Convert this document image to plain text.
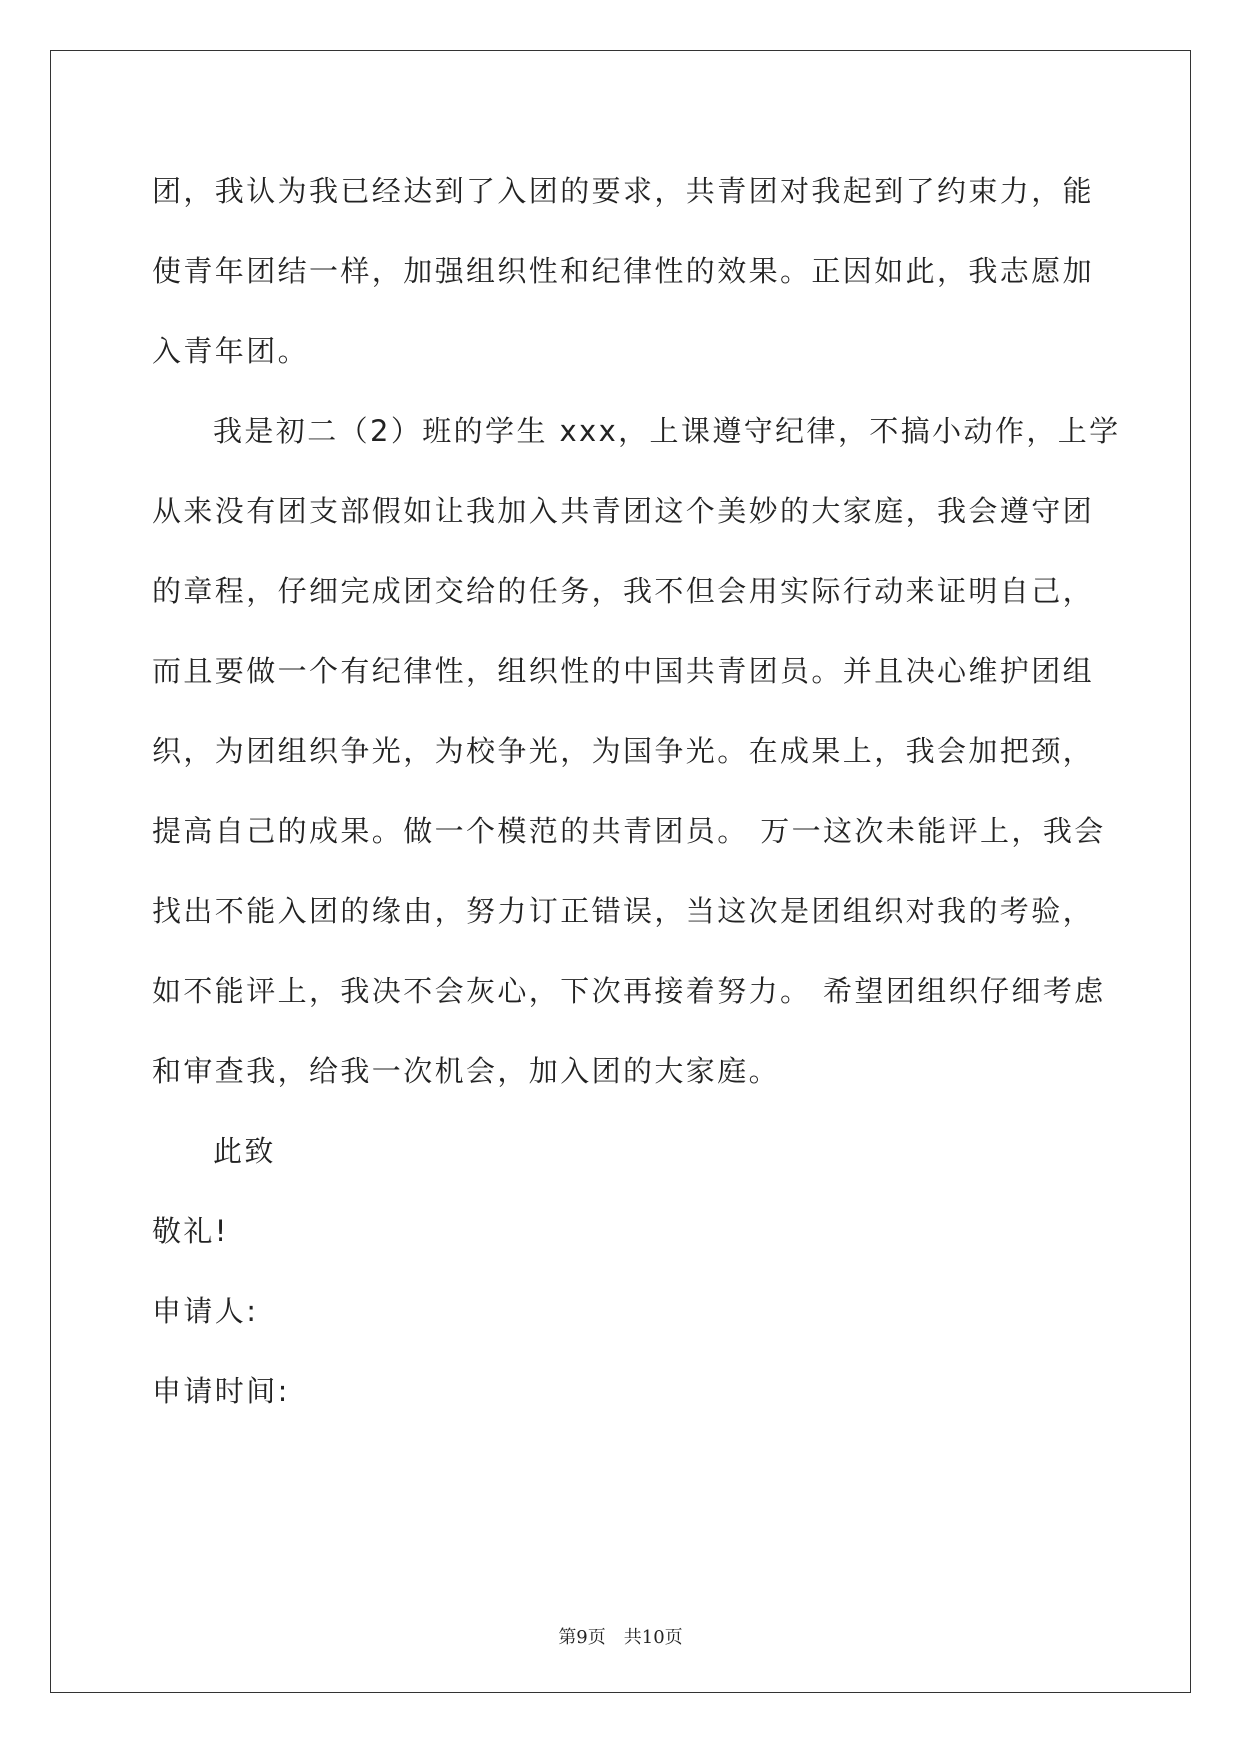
团，我认为我已经达到了入团的要求，共青团对我起到了约束力，能
使青年团结一样，加强组织性和纪律性的效果。正因如此，我志愿加
入青年团。
我是初二（2）班的学生 xxx，上课遵守纪律，不搞小动作，上学
从来没有团支部假如让我加入共青团这个美妙的大家庭，我会遵守团
的章程，仔细完成团交给的任务，我不但会用实际行动来证明自己，
而且要做一个有纪律性，组织性的中国共青团员。并且决心维护团组
织，为团组织争光，为校争光，为国争光。在成果上，我会加把颈，
提高自己的成果。做一个模范的共青团员。 万一这次未能评上，我会
找出不能入团的缘由，努力订正错误，当这次是团组织对我的考验，
如不能评上，我决不会灰心，下次再接着努力。 希望团组织仔细考虑
和审查我，给我一次机会，加入团的大家庭。
此致
敬礼!
申请人:
申请时间:
第9页 共10页
